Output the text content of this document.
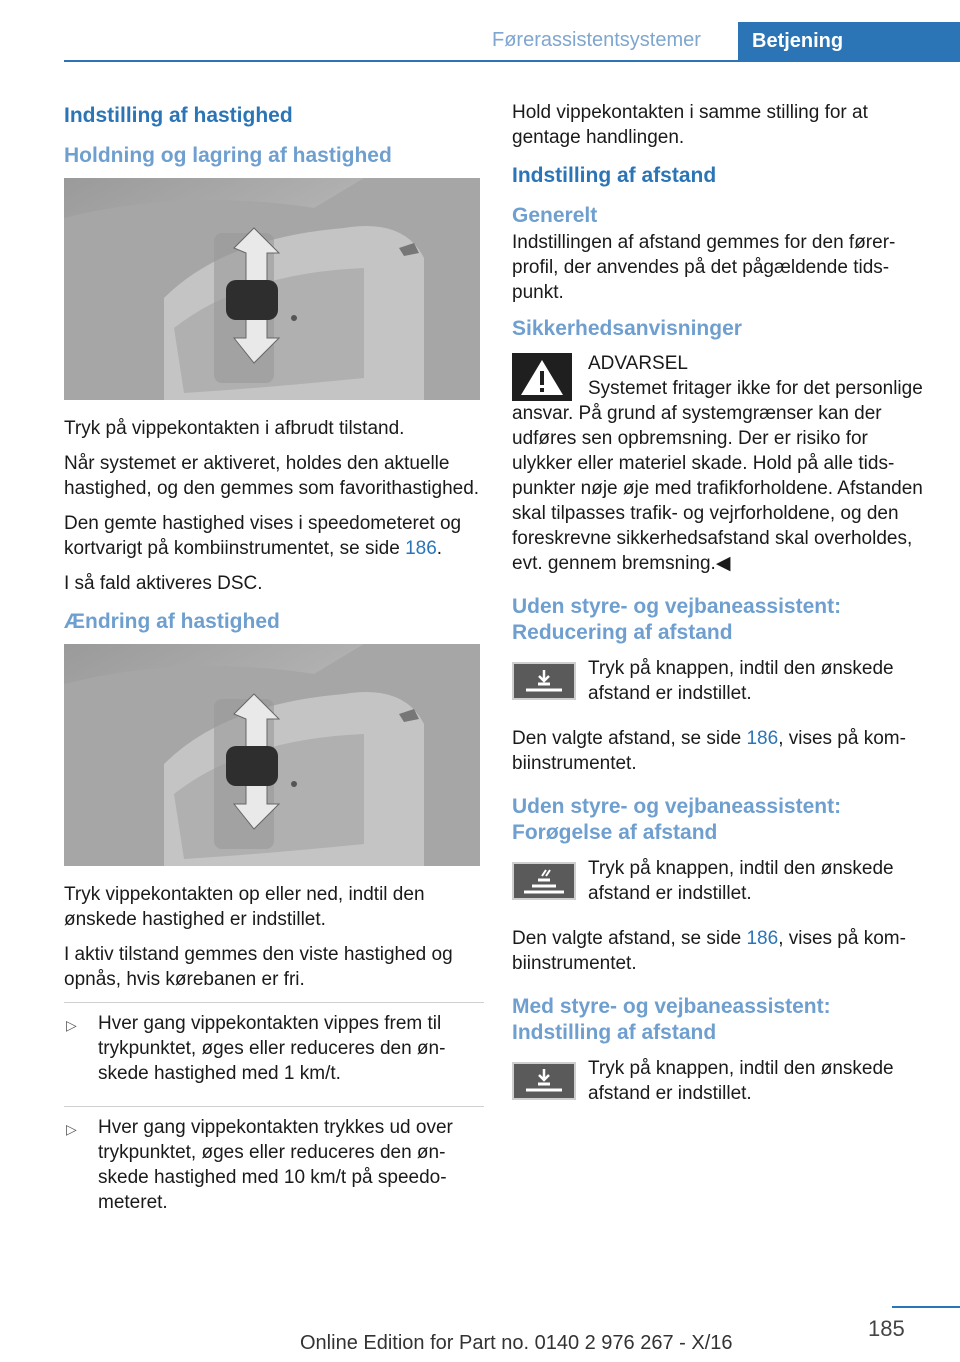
Førerassistentsystemer	Betjening
Indstilling af hastighed
Holdning og lagring af hastighed

Tryk på vippekontakten i afbrudt tilstand.

Når systemet er aktiveret, holdes den aktuelle hastighed, og den gemmes som favorithastighed.

Den gemte hastighed vises i speedometeret og kortvarigt på kombiinstrumentet, se side 186.

I så fald aktiveres DSC.

Ændring af hastighed

Tryk vippekontakten op eller ned, indtil den ønskede hastighed er indstillet.

I aktiv tilstand gemmes den viste hastighed og opnås, hvis kørebanen er fri.

▷ Hver gang vippekontakten vippes frem til trykpunktet, øges eller reduceres den ønskede hastighed med 1 km/t.
▷ Hver gang vippekontakten trykkes ud over trykpunktet, øges eller reduceres den ønskede hastighed med 10 km/t på speedometeret.

Hold vippekontakten i samme stilling for at gentage handlingen.

Indstilling af afstand
Generelt

Indstillingen af afstand gemmes for den førerprofil, der anvendes på det pågældende tidspunkt.

Sikkerhedsanvisninger
ADVARSEL

Systemet fritager ikke for det personlige ansvar. På grund af systemgrænser kan der udføres sen opbremsning. Der er risiko for ulykker eller materiel skade. Hold på alle tidspunkter nøje øje med trafikforholdene. Afstanden skal tilpasses trafik- og vejrforholdene, og den foreskrevne sikkerhedsafstand skal overholdes, evt. gennem bremsning.◀

Uden styre- og vejbaneassistent: Reducering af afstand

Tryk på knappen, indtil den ønskede afstand er indstillet.

Den valgte afstand, se side 186, vises på kombiinstrumentet.

Uden styre- og vejbaneassistent: Forøgelse af afstand

Tryk på knappen, indtil den ønskede afstand er indstillet.

Den valgte afstand, se side 186, vises på kombiinstrumentet.

Med styre- og vejbaneassistent: Indstilling af afstand

Tryk på knappen, indtil den ønskede afstand er indstillet.

185
Online Edition for Part no. 0140 2 976 267 - X/16
